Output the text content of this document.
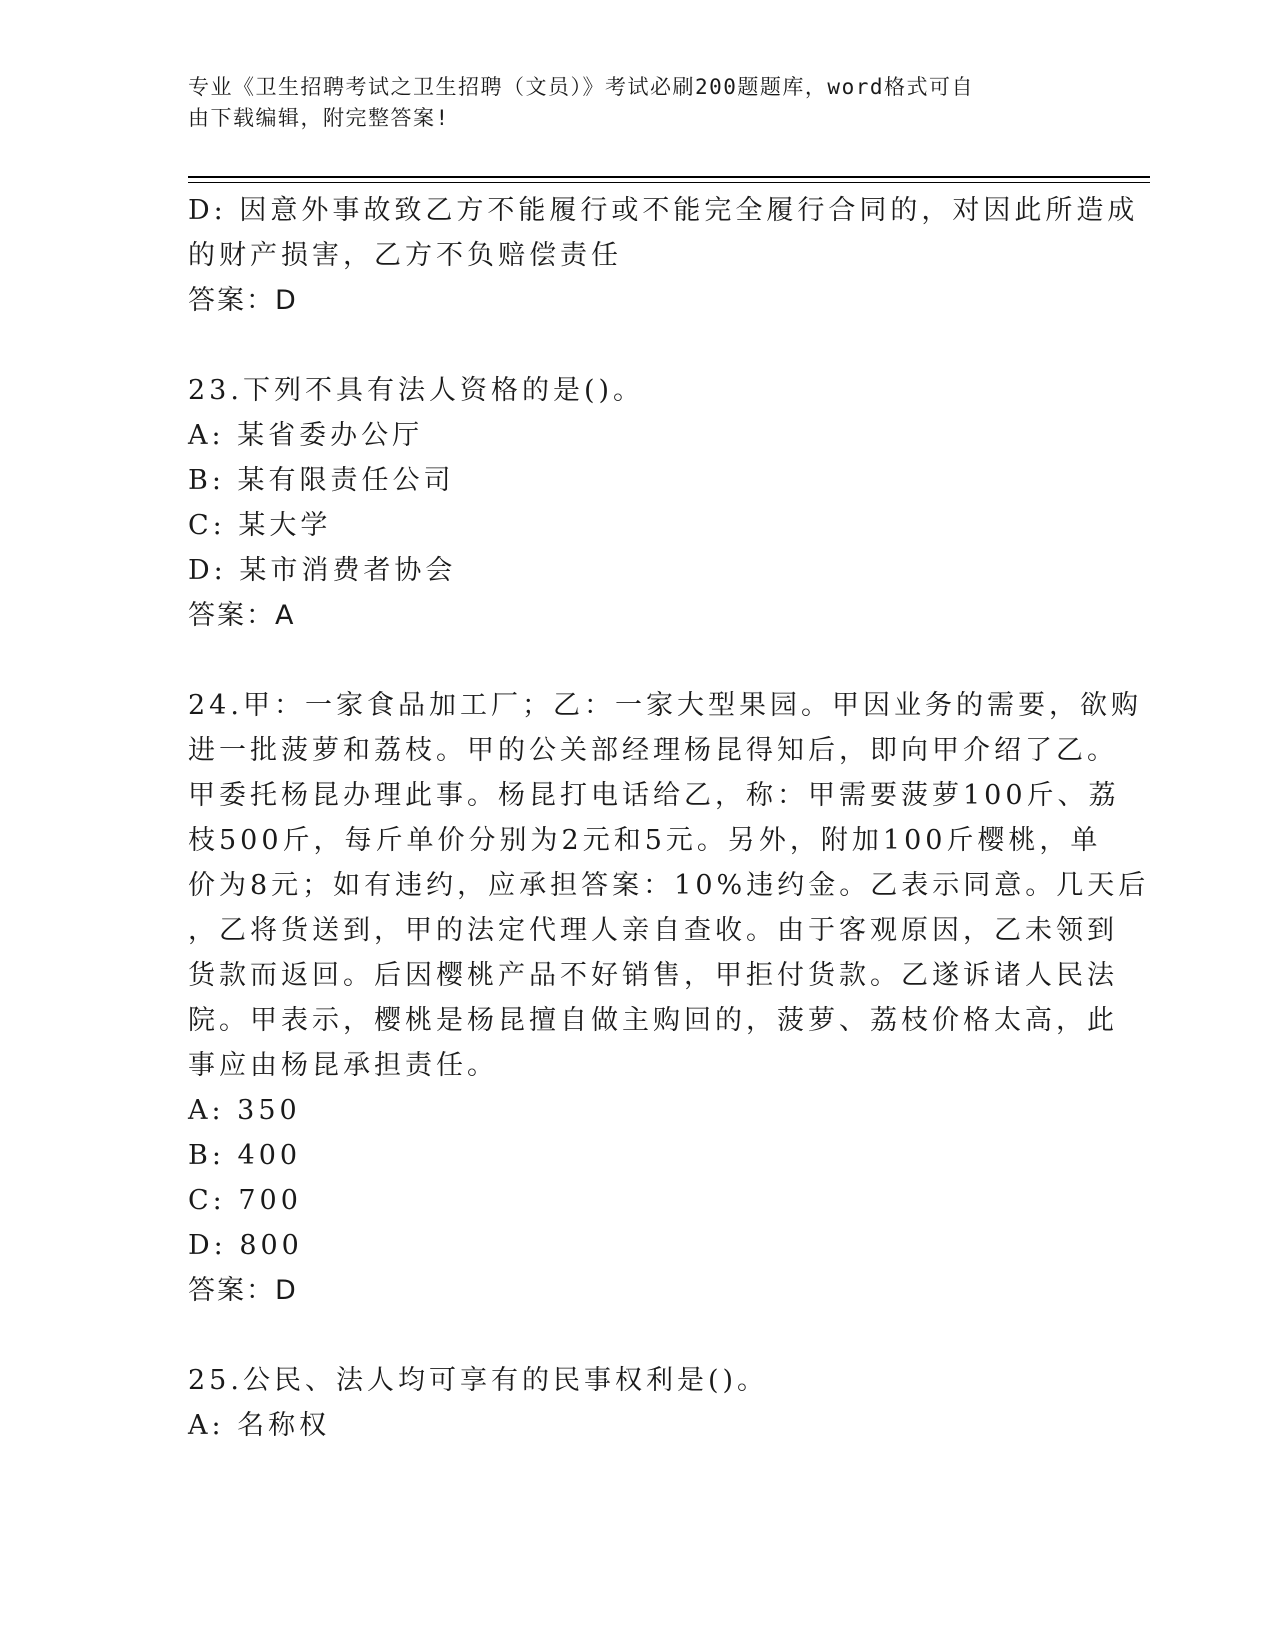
专业《卫生招聘考试之卫生招聘（文员）》考试必刷200题题库，word格式可自
由下载编辑，附完整答案!
D: 因意外事故致乙方不能履行或不能完全履行合同的，对因此所造成
的财产损害，乙方不负赔偿责任
答案：D
23.下列不具有法人资格的是()。
A: 某省委办公厅
B: 某有限责任公司
C: 某大学
D: 某市消费者协会
答案：A
24.甲：一家食品加工厂；乙：一家大型果园。甲因业务的需要，欲购
进一批菠萝和荔枝。甲的公关部经理杨昆得知后，即向甲介绍了乙。
甲委托杨昆办理此事。杨昆打电话给乙，称：甲需要菠萝100斤、荔
枝500斤，每斤单价分别为2元和5元。另外，附加100斤樱桃，单
价为8元；如有违约，应承担答案：10%违约金。乙表示同意。几天后
，乙将货送到，甲的法定代理人亲自查收。由于客观原因，乙未领到
货款而返回。后因樱桃产品不好销售，甲拒付货款。乙遂诉诸人民法
院。甲表示，樱桃是杨昆擅自做主购回的，菠萝、荔枝价格太高，此
事应由杨昆承担责任。
A: 350
B: 400
C: 700
D: 800
答案：D
25.公民、法人均可享有的民事权利是()。
A: 名称权
